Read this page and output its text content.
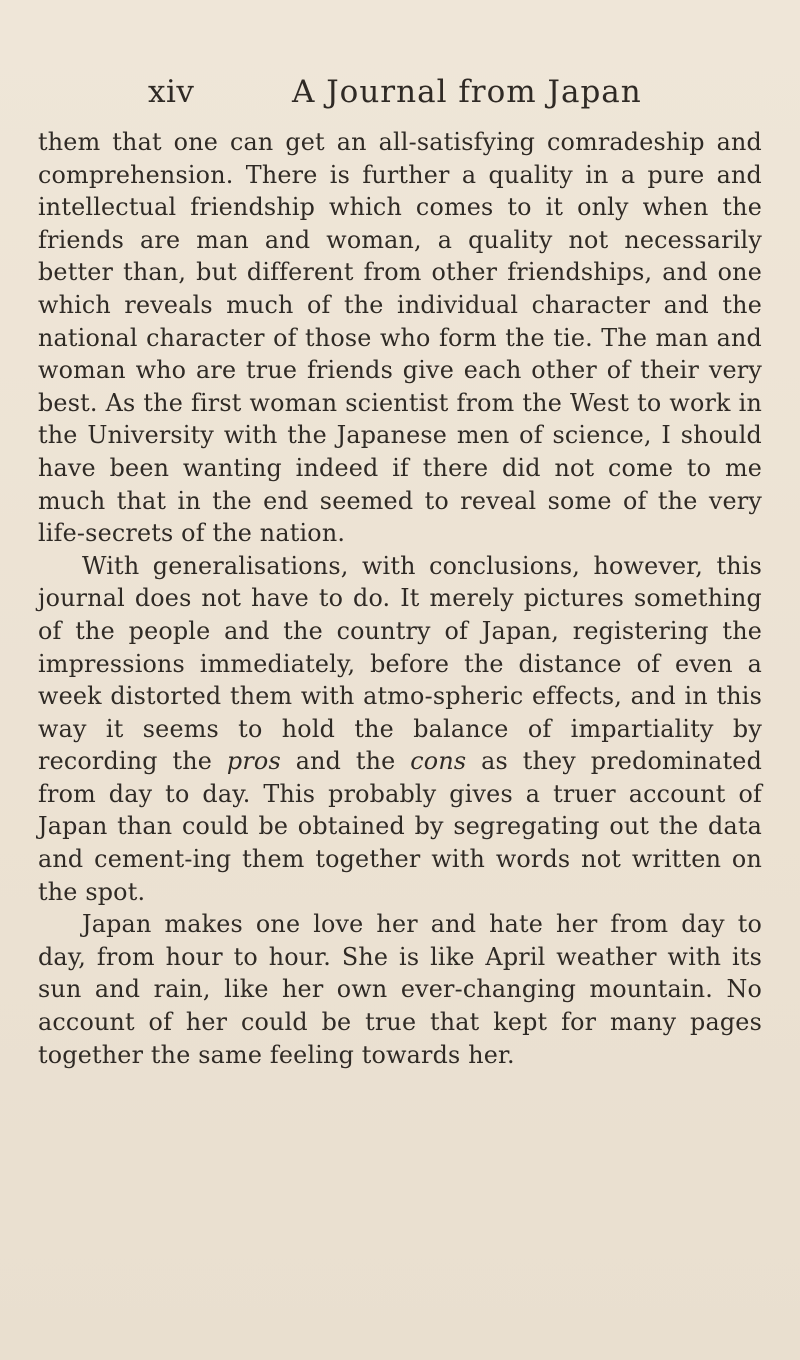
xiv	A Journal from Japan

them that one can get an all-satisfying comradeship and comprehension. There is further a quality in a pure and intellectual friendship which comes to it only when the friends are man and woman, a quality not necessarily better than, but different from other friendships, and one which reveals much of the individual character and the national character of those who form the tie. The man and woman who are true friends give each other of their very best. As the first woman scientist from the West to work in the University with the Japanese men of science, I should have been wanting indeed if there did not come to me much that in the end seemed to reveal some of the very life-secrets of the nation.

With generalisations, with conclusions, however, this journal does not have to do. It merely pictures something of the people and the country of Japan, registering the impressions immediately, before the distance of even a week distorted them with atmo-spheric effects, and in this way it seems to hold the balance of impartiality by recording the pros and the cons as they predominated from day to day. This probably gives a truer account of Japan than could be obtained by segregating out the data and cement-ing them together with words not written on the spot.

Japan makes one love her and hate her from day to day, from hour to hour. She is like April weather with its sun and rain, like her own ever-changing mountain. No account of her could be true that kept for many pages together the same feeling towards her.
